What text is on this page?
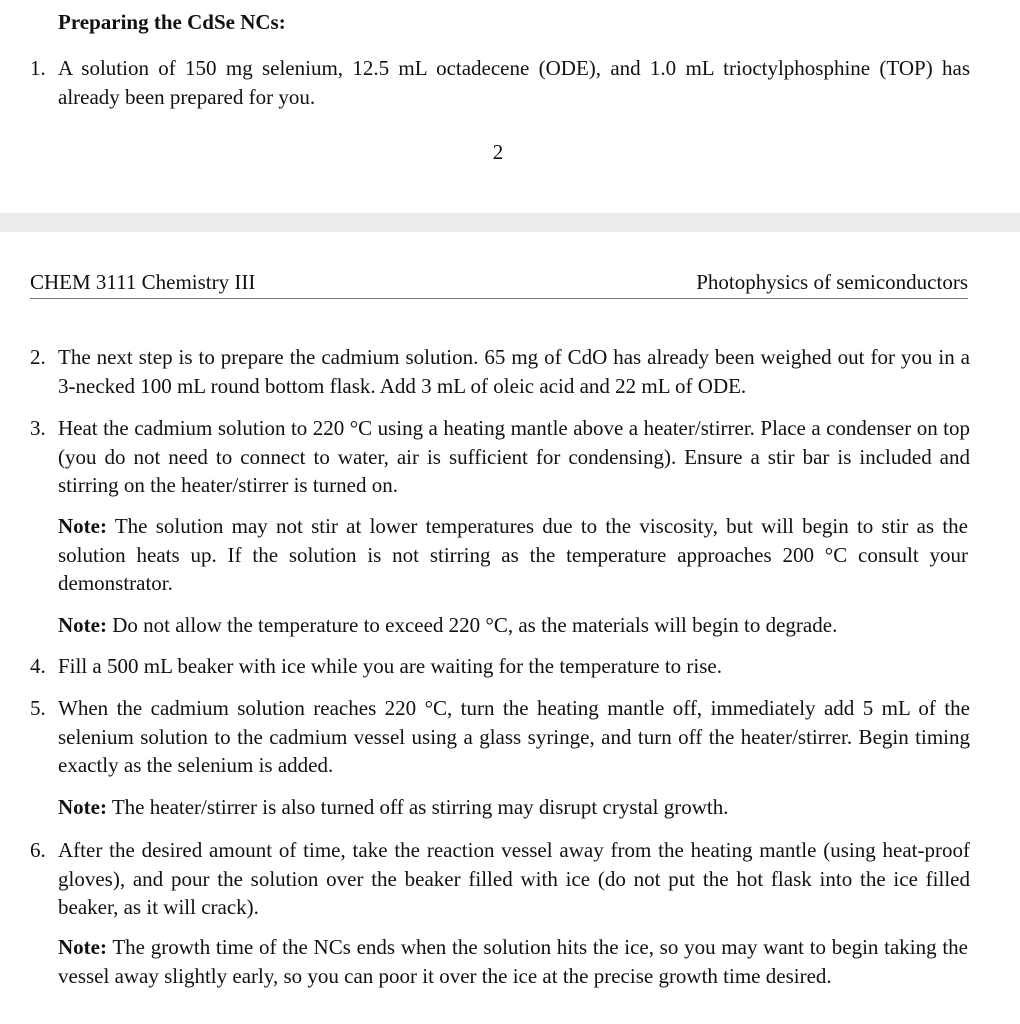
Preparing the CdSe NCs:
1. A solution of 150 mg selenium, 12.5 mL octadecene (ODE), and 1.0 mL trioctylphosphine (TOP) has already been prepared for you.
2
CHEM 3111 Chemistry III	Photophysics of semiconductors
2. The next step is to prepare the cadmium solution. 65 mg of CdO has already been weighed out for you in a 3-necked 100 mL round bottom flask. Add 3 mL of oleic acid and 22 mL of ODE.
3. Heat the cadmium solution to 220 °C using a heating mantle above a heater/stirrer. Place a condenser on top (you do not need to connect to water, air is sufficient for condensing). Ensure a stir bar is included and stirring on the heater/stirrer is turned on.
Note: The solution may not stir at lower temperatures due to the viscosity, but will begin to stir as the solution heats up. If the solution is not stirring as the temperature approaches 200 °C consult your demonstrator.
Note: Do not allow the temperature to exceed 220 °C, as the materials will begin to degrade.
4. Fill a 500 mL beaker with ice while you are waiting for the temperature to rise.
5. When the cadmium solution reaches 220 °C, turn the heating mantle off, immediately add 5 mL of the selenium solution to the cadmium vessel using a glass syringe, and turn off the heater/stirrer. Begin timing exactly as the selenium is added.
Note: The heater/stirrer is also turned off as stirring may disrupt crystal growth.
6. After the desired amount of time, take the reaction vessel away from the heating mantle (using heat-proof gloves), and pour the solution over the beaker filled with ice (do not put the hot flask into the ice filled beaker, as it will crack).
Note: The growth time of the NCs ends when the solution hits the ice, so you may want to begin taking the vessel away slightly early, so you can poor it over the ice at the precise growth time desired.
